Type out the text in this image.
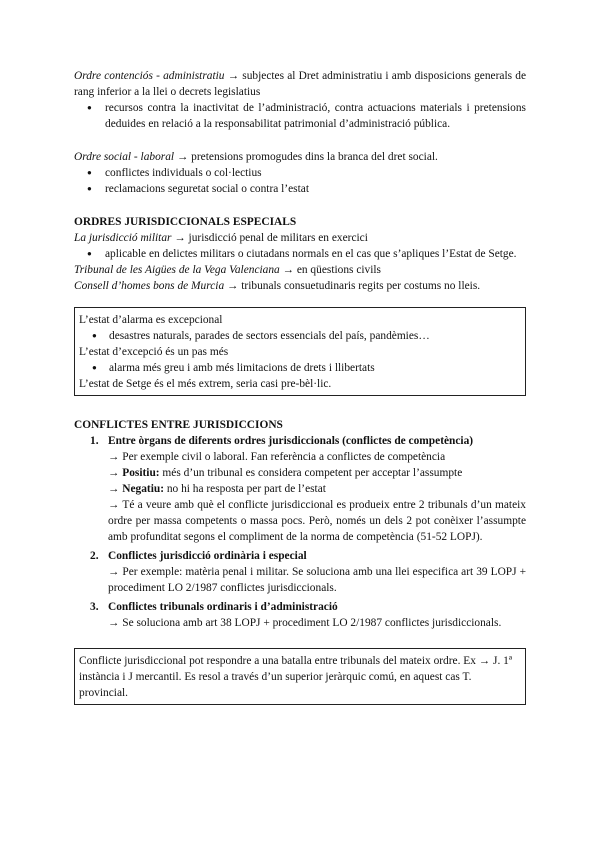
Ordre contenciós - administratiu → subjectes al Dret administratiu i amb disposicions generals de rang inferior a la llei o decrets legislatius

● recursos contra la inactivitat de l’administració, contra actuacions materials i pretensions deduides en relació a la responsabilitat patrimonial d’administració pública.

Ordre social - laboral → pretensions promogudes dins la branca del dret social.

● conflictes individuals o col·lectius
● reclamacions seguretat social o contra l’estat

ORDRES JURISDICCIONALS ESPECIALS

La jurisdicció militar → jurisdicció penal de militars en exercici

● aplicable en delictes militars o ciutadans normals en el cas que s’apliques l’Estat de Setge.

Tribunal de les Aigües de la Vega Valenciana → en qüestions civils

Consell d’homes bons de Murcia → tribunals consuetudinaris regits per costums no lleis.

L’estat d’alarma es excepcional

● desastres naturals, parades de sectors essencials del país, pandèmies…

L’estat d’excepció és un pas més

● alarma més greu i amb més limitacions de drets i llibertats

L’estat de Setge és el més extrem, seria casi pre-bèl·lic.

CONFLICTES ENTRE JURISDICCIONS

1. Entre òrgans de diferents ordres jurisdiccionals (conflictes de competència)

→ Per exemple civil o laboral. Fan referència a conflictes de competència

→ Positiu: més d’un tribunal es considera competent per acceptar l’assumpte

→ Negatiu: no hi ha resposta per part de l’estat

→ Té a veure amb què el conflicte jurisdiccional es produeix entre 2 tribunals d’un mateix ordre per massa competents o massa pocs. Però, només un dels 2 pot conèixer l’assumpte amb profunditat segons el compliment de la norma de competència (51-52 LOPJ).

2. Conflictes jurisdicció ordinària i especial

→ Per exemple: matèria penal i militar. Se soluciona amb una llei especifica art 39 LOPJ + procediment LO 2/1987 conflictes jurisdiccionals.

3. Conflictes tribunals ordinaris i d’administració

→ Se soluciona amb art 38 LOPJ + procediment LO 2/1987 conflictes jurisdiccionals.

Conflicte jurisdiccional pot respondre a una batalla entre tribunals del mateix ordre. Ex → J. 1ª instància i J mercantil. Es resol a través d’un superior jeràrquic comú, en aquest cas T. provincial.
